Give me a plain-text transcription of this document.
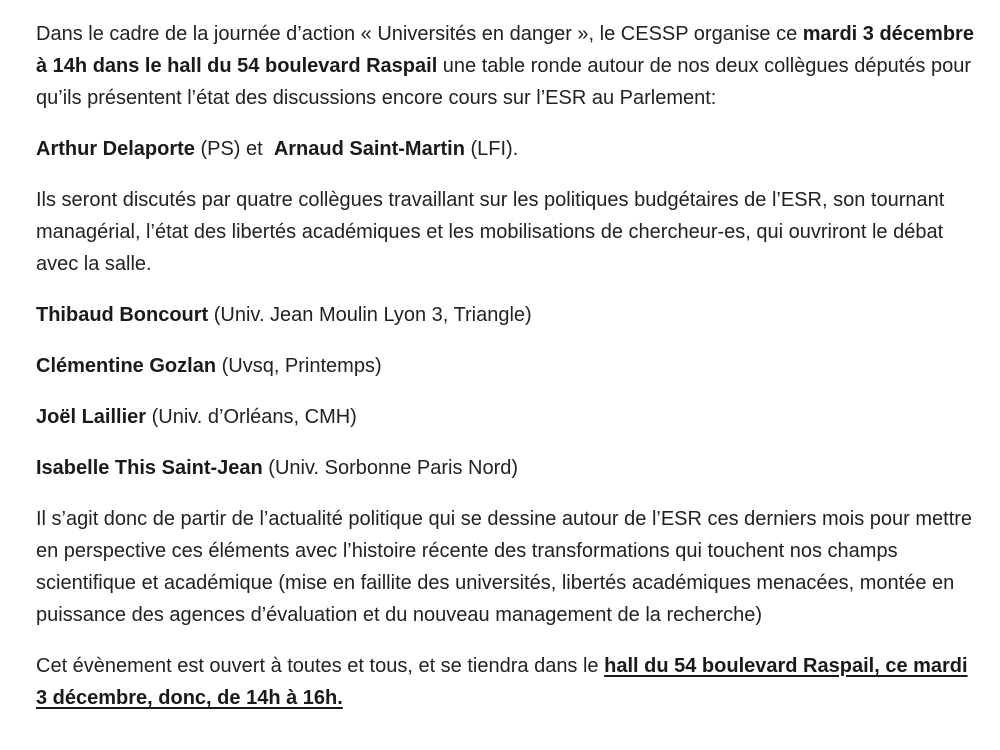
Dans le cadre de la journée d’action « Universités en danger », le CESSP organise ce mardi 3 décembre à 14h dans le hall du 54 boulevard Raspail une table ronde autour de nos deux collègues députés pour qu’ils présentent l’état des discussions encore cours sur l’ESR au Parlement:

Arthur Delaporte (PS) et  Arnaud Saint-Martin (LFI).

Ils seront discutés par quatre collègues travaillant sur les politiques budgétaires de l’ESR, son tournant managérial, l’état des libertés académiques et les mobilisations de chercheur-es, qui ouvriront le débat avec la salle.

Thibaud Boncourt (Univ. Jean Moulin Lyon 3, Triangle)

Clémentine Gozlan (Uvsq, Printemps)

Joël Laillier (Univ. d’Orléans, CMH)

Isabelle This Saint-Jean (Univ. Sorbonne Paris Nord)

Il s’agit donc de partir de l’actualité politique qui se dessine autour de l’ESR ces derniers mois pour mettre en perspective ces éléments avec l’histoire récente des transformations qui touchent nos champs scientifique et académique (mise en faillite des universités, libertés académiques menacées, montée en puissance des agences d’évaluation et du nouveau management de la recherche)

Cet évènement est ouvert à toutes et tous, et se tiendra dans le hall du 54 boulevard Raspail, ce mardi 3 décembre, donc, de 14h à 16h.
